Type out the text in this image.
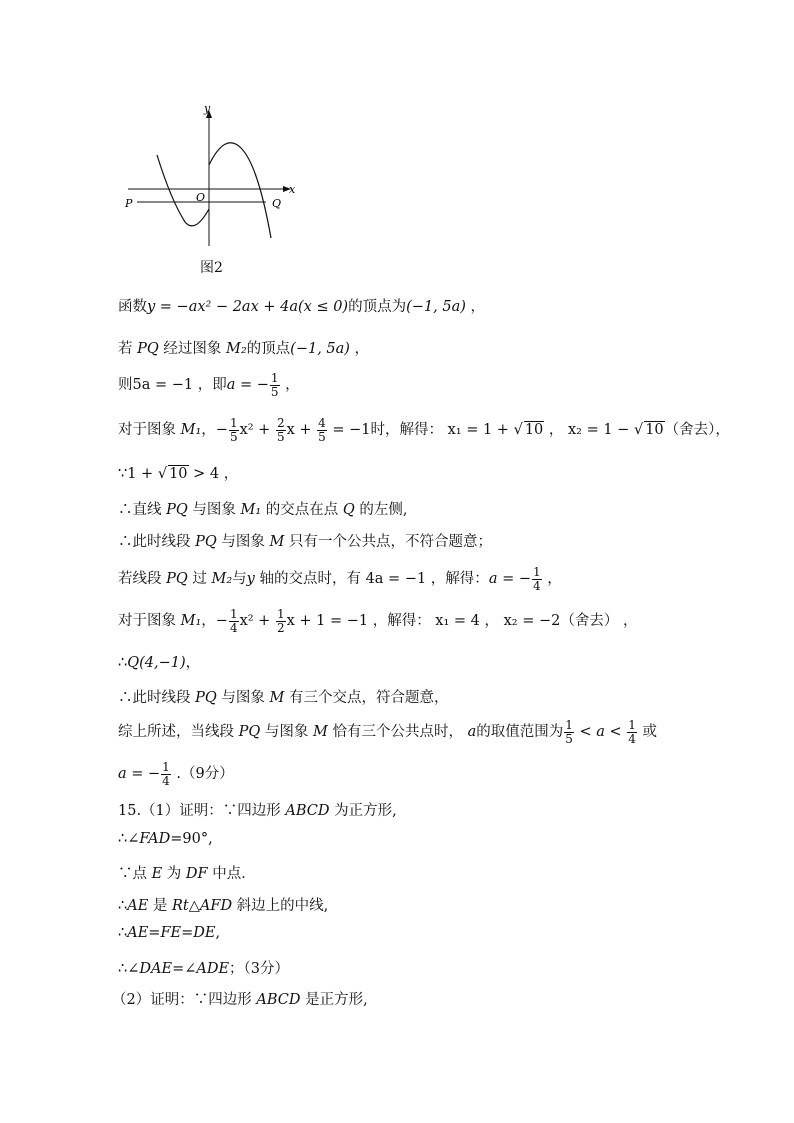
y
x
O
P	Q
图2
函数y = −ax² − 2ax + 4a(x ≤ 0)的顶点为(−1, 5a) ，
若 PQ 经过图象 M₂的顶点(−1, 5a) ，
则5a = −1 ，即a = − $\frac{1}{5}$ ，
对于图象 M₁，− $\frac{1}{5} x^2 + \frac{2}{5}$ $x + \frac{4}{5} = -1$时，解得： x₁ = 1 + √ 10 ， x₂ = 1 − √ 10（舍去），
∵1 + √ 10 > 4 ，
∴直线 PQ 与图象 M₁ 的交点在点 Q 的左侧,
∴此时线段 PQ 与图象 M 只有一个公共点，不符合题意；
若线段 PQ 过 M₂与y 轴的交点时，有 4a = −1 ，解得：a = − $\frac{1}{4}$ ，
对于图象 M₁，− $\frac{1}{4} x^2 + \frac{1}{2}$ x + 1 = −1 ，解得： x₁ = 4 ， x₂ = −2（舍去） ，
∴Q(4,−1)，
∴此时线段 PQ 与图象 M 有三个交点，符合题意，
综上所述，当线段 PQ 与图象 M 恰有三个公共点时， a的取值范围为 $\frac{1}{5} < a < \frac{1}{4}$ 或
a = − $\frac{1}{4} .(9$分）
15.（1）证明：∵四边形 ABCD 为正方形,
∴∠FAD=90°,
∵点 E 为 DF 中点．
∴AE 是 Rt△AFD 斜边上的中线,
∴AE=FE=DE,
∴∠DAE=∠ADE；（3分）
（2）证明：∵四边形 ABCD 是正方形,
